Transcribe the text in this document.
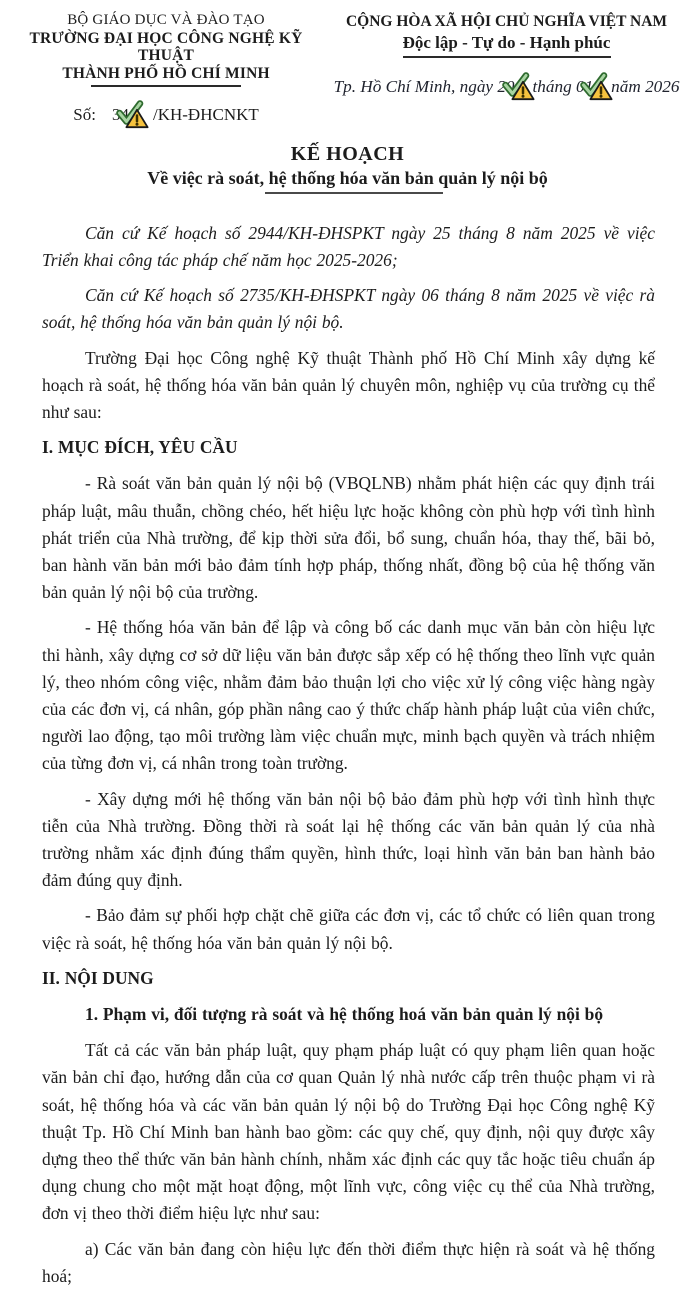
BỘ GIÁO DỤC VÀ ĐÀO TẠO
TRƯỜNG ĐẠI HỌC CÔNG NGHỆ KỸ THUẬT
THÀNH PHỐ HỒ CHÍ MINH
Số: 34 /KH-ĐHCNKT
CỘNG HÒA XÃ HỘI CHỦ NGHĨA VIỆT NAM
Độc lập - Tự do - Hạnh phúc
Tp. Hồ Chí Minh, ngày 20 tháng 01 năm 2026
KẾ HOẠCH
Về việc rà soát, hệ thống hóa văn bản quản lý nội bộ

Căn cứ Kế hoạch số 2944/KH-ĐHSPKT ngày 25 tháng 8 năm 2025 về việc Triển khai công tác pháp chế năm học 2025-2026;

Căn cứ Kế hoạch số 2735/KH-ĐHSPKT ngày 06 tháng 8 năm 2025 về việc rà soát, hệ thống hóa văn bản quản lý nội bộ.

Trường Đại học Công nghệ Kỹ thuật Thành phố Hồ Chí Minh xây dựng kế hoạch rà soát, hệ thống hóa văn bản quản lý chuyên môn, nghiệp vụ của trường cụ thể như sau:

I. MỤC ĐÍCH, YÊU CẦU

- Rà soát văn bản quản lý nội bộ (VBQLNB) nhằm phát hiện các quy định trái pháp luật, mâu thuẫn, chồng chéo, hết hiệu lực hoặc không còn phù hợp với tình hình phát triển của Nhà trường, để kịp thời sửa đổi, bổ sung, chuẩn hóa, thay thế, bãi bỏ, ban hành văn bản mới bảo đảm tính hợp pháp, thống nhất, đồng bộ của hệ thống văn bản quản lý nội bộ của trường.

- Hệ thống hóa văn bản để lập và công bố các danh mục văn bản còn hiệu lực thi hành, xây dựng cơ sở dữ liệu văn bản được sắp xếp có hệ thống theo lĩnh vực quản lý, theo nhóm công việc, nhằm đảm bảo thuận lợi cho việc xử lý công việc hàng ngày của các đơn vị, cá nhân, góp phần nâng cao ý thức chấp hành pháp luật của viên chức, người lao động, tạo môi trường làm việc chuẩn mực, minh bạch quyền và trách nhiệm của từng đơn vị, cá nhân trong toàn trường.

- Xây dựng mới hệ thống văn bản nội bộ bảo đảm phù hợp với tình hình thực tiễn của Nhà trường. Đồng thời rà soát lại hệ thống các văn bản quản lý của nhà trường nhằm xác định đúng thẩm quyền, hình thức, loại hình văn bản ban hành bảo đảm đúng quy định.

- Bảo đảm sự phối hợp chặt chẽ giữa các đơn vị, các tổ chức có liên quan trong việc rà soát, hệ thống hóa văn bản quản lý nội bộ.

II. NỘI DUNG

1. Phạm vi, đối tượng rà soát và hệ thống hoá văn bản quản lý nội bộ

Tất cả các văn bản pháp luật, quy phạm pháp luật có quy phạm liên quan hoặc văn bản chỉ đạo, hướng dẫn của cơ quan Quản lý nhà nước cấp trên thuộc phạm vi rà soát, hệ thống hóa và các văn bản quản lý nội bộ do Trường Đại học Công nghệ Kỹ thuật Tp. Hồ Chí Minh ban hành bao gồm: các quy chế, quy định, nội quy được xây dựng theo thể thức văn bản hành chính, nhằm xác định các quy tắc hoặc tiêu chuẩn áp dụng chung cho một mặt hoạt động, một lĩnh vực, công việc cụ thể của Nhà trường, đơn vị theo thời điểm hiệu lực như sau:

a) Các văn bản đang còn hiệu lực đến thời điểm thực hiện rà soát và hệ thống hoá;
